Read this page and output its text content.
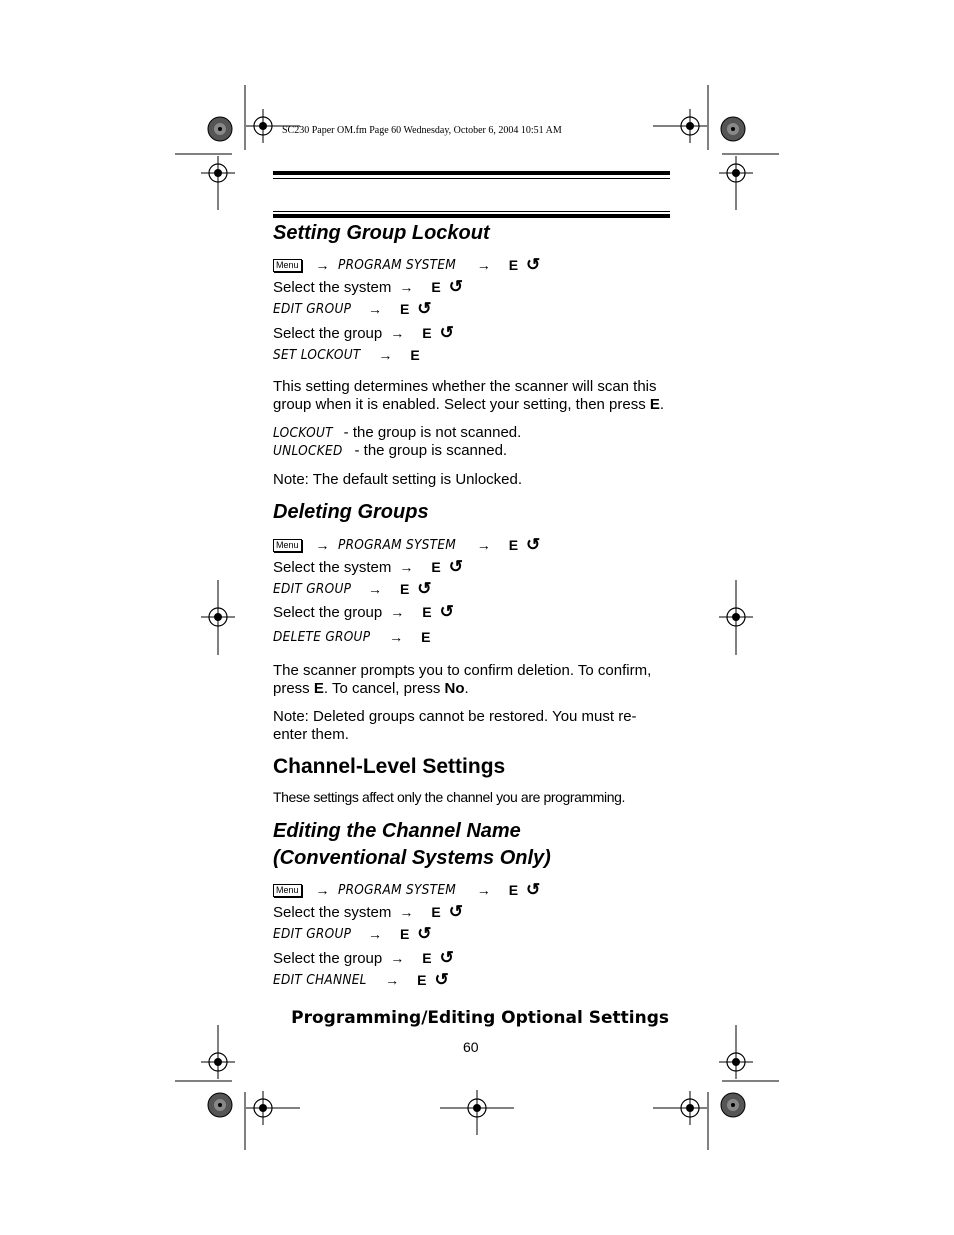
SC230 Paper OM.fm Page 60 Wednesday, October 6, 2004 10:51 AM
Setting Group Lockout
Menu → PROGRAM SYSTEM → E ↺
Select the system → E ↺
EDIT GROUP → E ↺
Select the group → E ↺
SET LOCKOUT → E
This setting determines whether the scanner will scan this group when it is enabled. Select your setting, then press E.
LOCKOUT - the group is not scanned.
UNLOCKED - the group is scanned.
Note: The default setting is Unlocked.
Deleting Groups
Menu → PROGRAM SYSTEM → E ↺
Select the system → E ↺
EDIT GROUP → E ↺
Select the group → E ↺
DELETE GROUP → E
The scanner prompts you to confirm deletion. To confirm, press E. To cancel, press No.
Note: Deleted groups cannot be restored. You must re-enter them.
Channel-Level Settings
These settings affect only the channel you are programming.
Editing the Channel Name
(Conventional Systems Only)
Menu → PROGRAM SYSTEM → E ↺
Select the system → E ↺
EDIT GROUP → E ↺
Select the group → E ↺
EDIT CHANNEL → E ↺
Programming/Editing Optional Settings
60
